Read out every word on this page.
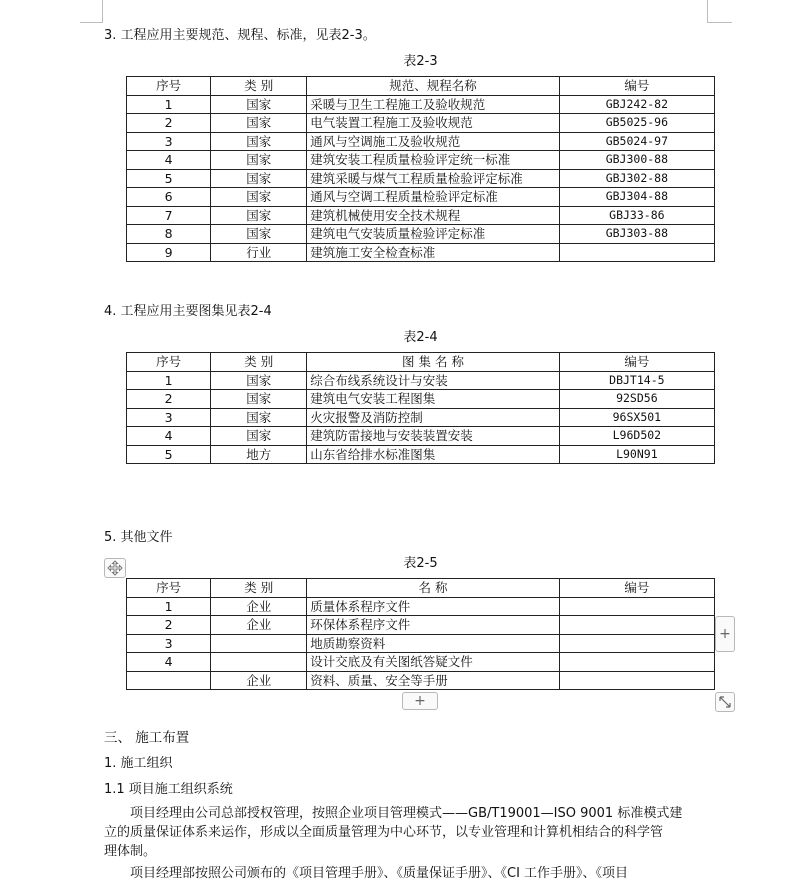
3. 工程应用主要规范、规程、标准，见表2-3。
表2-3
序号	类 别	规范、规程名称	编号
1	国家	采暖与卫生工程施工及验收规范	GBJ242-82
2	国家	电气装置工程施工及验收规范	GB5025-96
3	国家	通风与空调施工及验收规范	GB5024-97
4	国家	建筑安装工程质量检验评定统一标准	GBJ300-88
5	国家	建筑采暖与煤气工程质量检验评定标准	GBJ302-88
6	国家	通风与空调工程质量检验评定标准	GBJ304-88
7	国家	建筑机械使用安全技术规程	GBJ33-86
8	国家	建筑电气安装质量检验评定标准	GBJ303-88
9	行业	建筑施工安全检查标准	
4. 工程应用主要图集见表2-4
表2-4
序号	类 别	图 集 名 称	编号
1	国家	综合布线系统设计与安装	DBJT14-5
2	国家	建筑电气安装工程图集	92SD56
3	国家	火灾报警及消防控制	96SX501
4	国家	建筑防雷接地与安装装置安装	L96D502
5	地方	山东省给排水标准图集	L90N91
5. 其他文件
表2-5
序号	类 别	名 称	编号
1	企业	质量体系程序文件	
2	企业	环保体系程序文件	
3		地质勘察资料	
4		设计交底及有关图纸答疑文件	
	企业	资料、质量、安全等手册	
+
+
三、 施工布置
1. 施工组织
1.1 项目施工组织系统
项目经理由公司总部授权管理，按照企业项目管理模式——GB/T19001—ISO 9001 标准模式建
立的质量保证体系来运作，形成以全面质量管理为中心环节，以专业管理和计算机相结合的科学管
理体制。
项目经理部按照公司颁布的《项目管理手册》、《质量保证手册》、《CI 工作手册》、《项目
